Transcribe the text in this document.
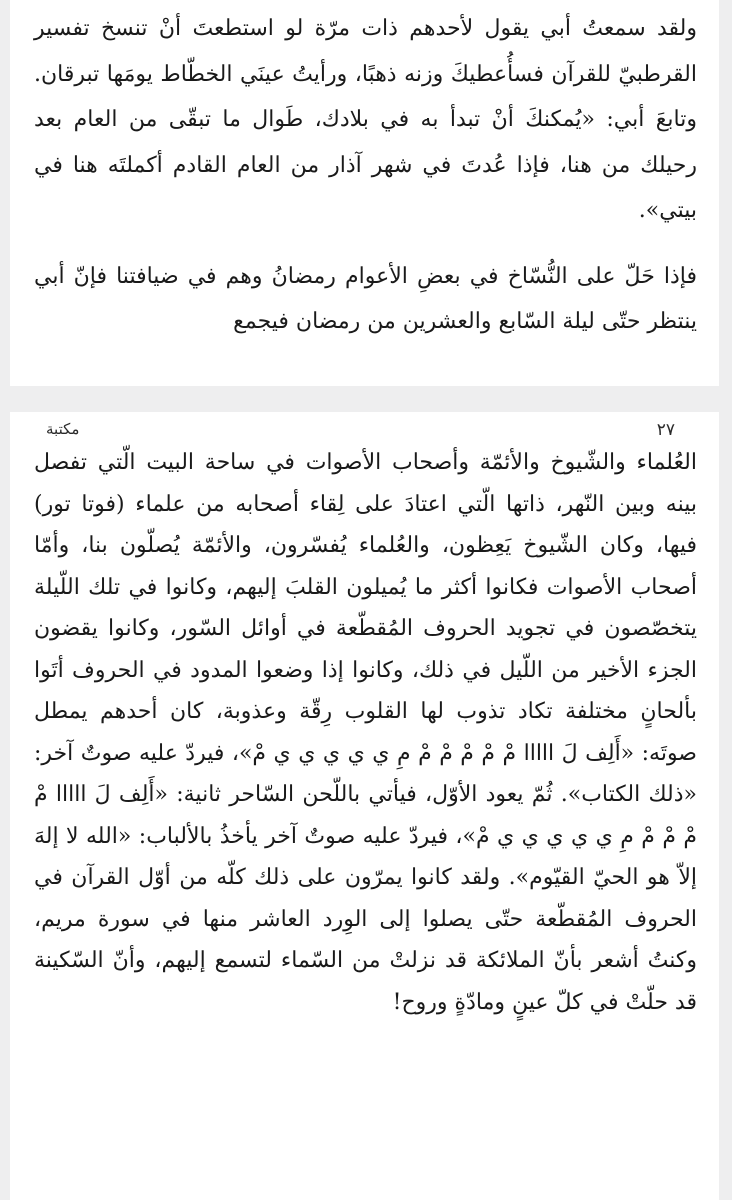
ولقد سمعتُ أبي يقول لأحدهم ذات مرّة لو استطعتَ أنْ تنسخ تفسير القرطبيّ للقرآن فسأُعطيكَ وزنه ذهبًا، ورأيتُ عينَي الخطّاط يومَها تبرقان. وتابعَ أبي: «يُمكنكَ أنْ تبدأ به في بلادك، طَوال ما تبقّى من العام بعد رحيلك من هنا، فإذا عُدتَ في شهر آذار من العام القادم أكملتَه هنا في بيتي».

فإذا حَلّ على النُّسّاخ في بعضِ الأعوام رمضانُ وهم في ضيافتنا فإنّ أبي ينتظر حتّى ليلة السّابع والعشرين من رمضان فيجمع

٢٧
مكتبة

العُلماء والشّيوخ والأئمّة وأصحاب الأصوات في ساحة البيت الّتي تفصل بينه وبين النّهر، ذاتها الّتي اعتادَ على لِقاء أصحابه من علماء (فوتا تور) فيها، وكان الشّيوخ يَعِظون، والعُلماء يُفسّرون، والأئمّة يُصلّون بنا، وأمّا أصحاب الأصوات فكانوا أكثر ما يُميلون القلبَ إليهم، وكانوا في تلك اللّيلة يتخصّصون في تجويد الحروف المُقطّعة في أوائل السّور، وكانوا يقضون الجزء الأخير من اللّيل في ذلك، وكانوا إذا وضعوا المدود في الحروف أتَوا بألحانٍ مختلفة تكاد تذوب لها القلوب رِقّة وعذوبة، كان أحدهم يمطل صوتَه: «أَلِف لَ ااااا مْ مْ مْ مْ مْ مِ ي ي ي ي ي مْ»، فيردّ عليه صوتٌ آخر: «ذلك الكتاب». ثُمّ يعود الأوّل، فيأتي باللّحن السّاحر ثانية: «أَلِف لَ ااااا مْ مْ مْ مْ مِ ي ي ي ي ي مْ»، فيردّ عليه صوتٌ آخر يأخذُ بالألباب: «الله لا إلهَ إلاّ هو الحيّ القيّوم». ولقد كانوا يمرّون على ذلك كلّه من أوّل القرآن في الحروف المُقطّعة حتّى يصلوا إلى الوِرد العاشر منها في سورة مريم، وكنتُ أشعر بأنّ الملائكة قد نزلتْ من السّماء لتسمع إليهم، وأنّ السّكينة قد حلّتْ في كلّ عينٍ ومادّةٍ وروح!
